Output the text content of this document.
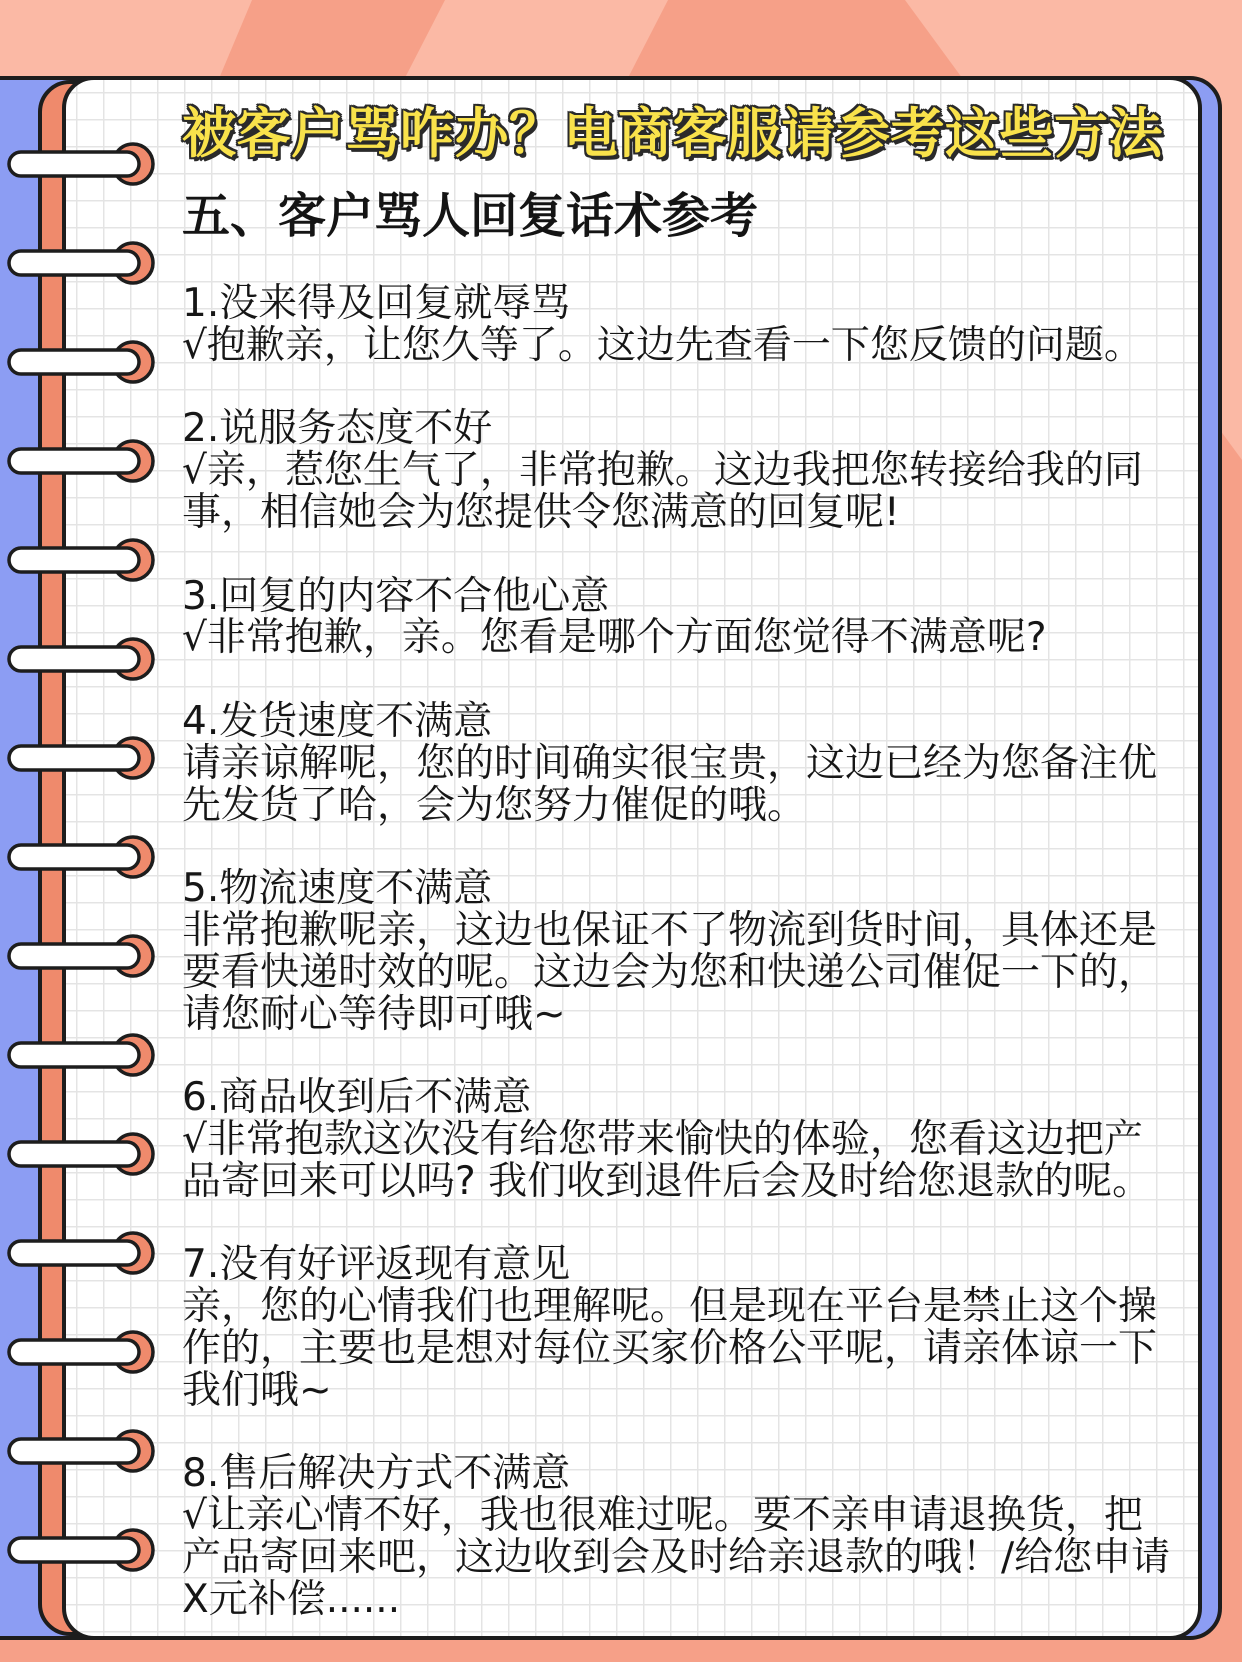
被客户骂咋办？电商客服请参考这些方法
五、客户骂人回复话术参考
1.没来得及回复就辱骂
√抱歉亲，让您久等了。这边先查看一下您反馈的问题。
2.说服务态度不好
√亲，惹您生气了，非常抱歉。这边我把您转接给我的同
事，相信她会为您提供令您满意的回复呢!
3.回复的内容不合他心意
√非常抱歉，亲。您看是哪个方面您觉得不满意呢?
4.发货速度不满意
请亲谅解呢，您的时间确实很宝贵，这边已经为您备注优
先发货了哈，会为您努力催促的哦。
5.物流速度不满意
非常抱歉呢亲，这边也保证不了物流到货时间，具体还是
要看快递时效的呢。这边会为您和快递公司催促一下的，
请您耐心等待即可哦~
6.商品收到后不满意
√非常抱款这次没有给您带来愉快的体验，您看这边把产
品寄回来可以吗? 我们收到退件后会及时给您退款的呢。
7.没有好评返现有意见
亲，您的心情我们也理解呢。但是现在平台是禁止这个操
作的，主要也是想对每位买家价格公平呢，请亲体谅一下
我们哦~
8.售后解决方式不满意
√让亲心情不好，我也很难过呢。要不亲申请退换货，把
产品寄回来吧，这边收到会及时给亲退款的哦！/给您申请
X元补偿......
